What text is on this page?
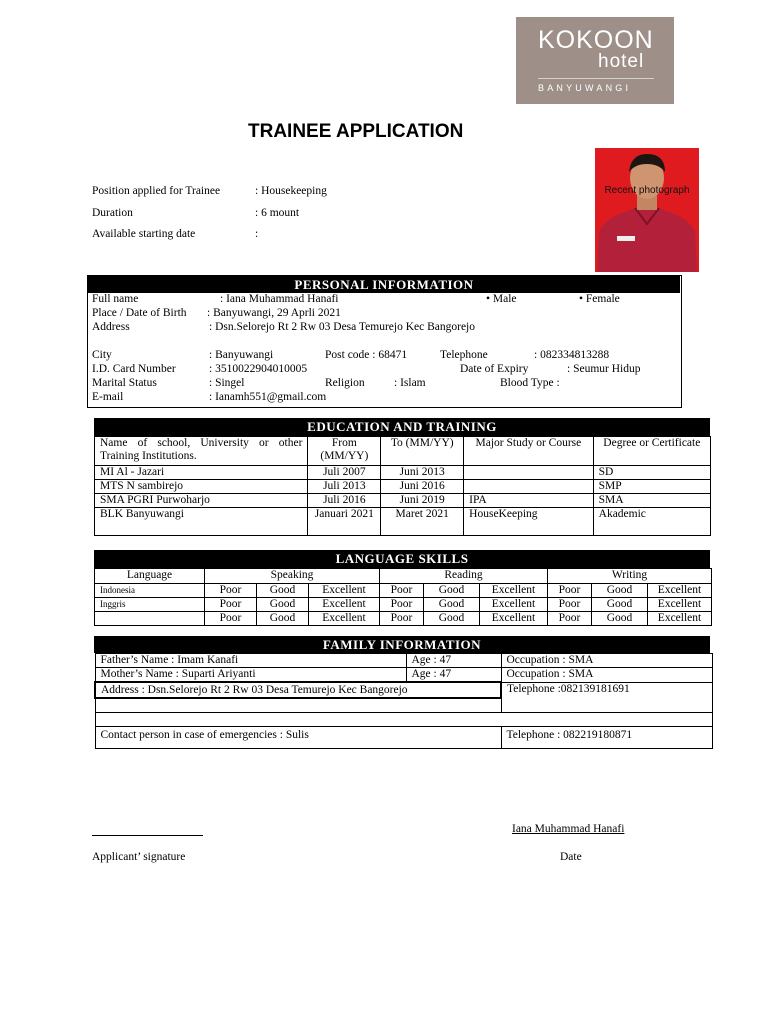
KOKOON
hotel
BANYUWANGI
TRAINEE APPLICATION
Recent photograph
Position applied for Trainee	: Housekeeping
Duration	: 6 mount
Available starting date	:
PERSONAL INFORMATION
Full name	: Iana Muhammad Hanafi	• Male	• Female
Place / Date of Birth : Banyuwangi, 29 Aprli 2021
Address	: Dsn.Selorejo Rt 2 Rw 03 Desa Temurejo Kec Bangorejo
City	: Banyuwangi	Post code : 68471	Telephone	: 082334813288
I.D. Card Number	: 3510022904010005	Date of Expiry	: Seumur Hidup
Marital Status	: Singel	Religion	: Islam	Blood Type :
E-mail	: Ianamh551@gmail.com
EDUCATION AND TRAINING
Name of school, University or other Training Institutions.	From (MM/YY)	To (MM/YY)	Major Study or Course	Degree or Certificate
MI Al - Jazari	Juli 2007	Juni 2013		SD
MTS N sambirejo	Juli 2013	Juni 2016		SMP
SMA PGRI Purwoharjo	Juli 2016	Juni 2019	IPA	SMA
BLK Banyuwangi	Januari 2021	Maret 2021	HouseKeeping	Akademic
LANGUAGE SKILLS
Language	Speaking			Reading			Writing		
Indonesia	Poor	Good	Excellent	Poor	Good	Excellent	Poor	Good	Excellent
Inggris	Poor	Good	Excellent	Poor	Good	Excellent	Poor	Good	Excellent
	Poor	Good	Excellent	Poor	Good	Excellent	Poor	Good	Excellent
FAMILY INFORMATION
Father’s Name : Imam Kanafi	Age : 47	Occupation : SMA
Mother’s Name : Suparti Ariyanti	Age : 47	Occupation : SMA
Address : Dsn.Selorejo Rt 2 Rw 03 Desa Temurejo Kec Bangorejo		Telephone :082139181691

Contact person in case of emergencies : Sulis		Telephone : 082219180871
Iana Muhammad Hanafi
Applicant’ signature	Date
